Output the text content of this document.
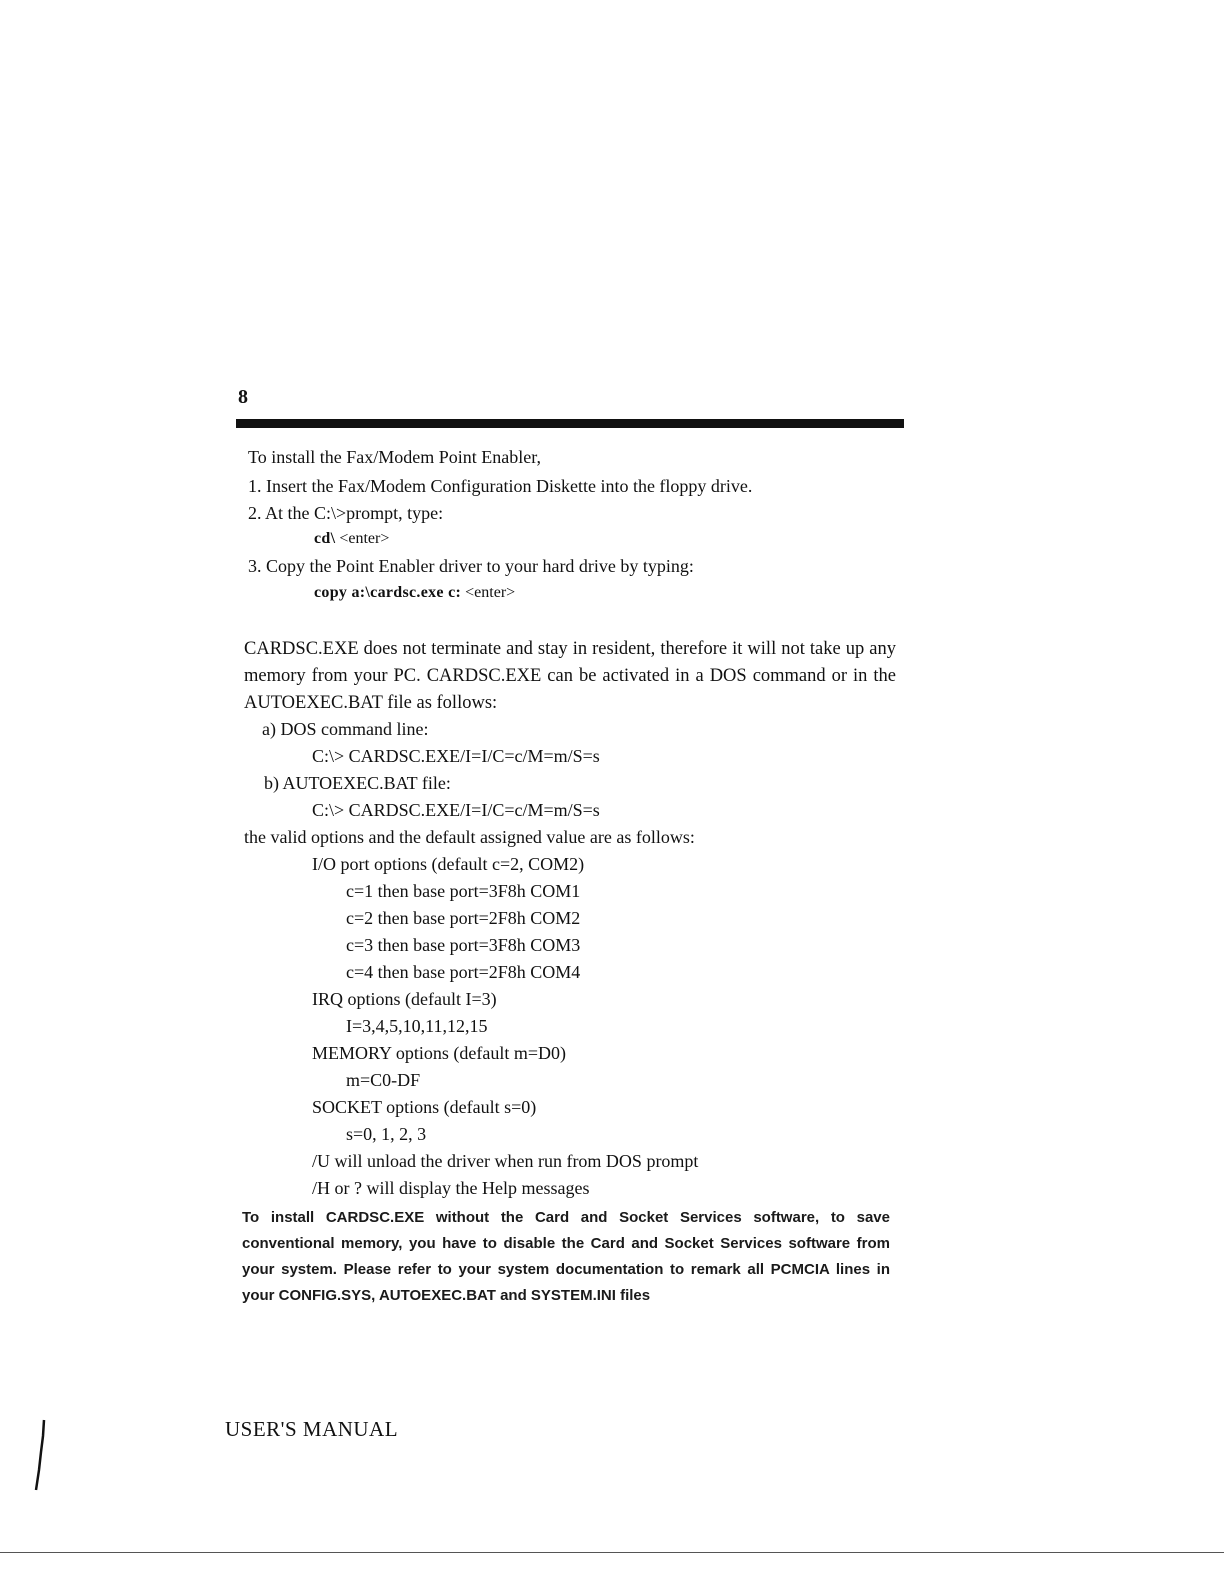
8
To install the Fax/Modem Point Enabler,
1. Insert the Fax/Modem Configuration Diskette into the floppy drive.
2. At the C:\>prompt, type:
cd\ <enter>
3. Copy the Point Enabler driver to your hard drive by typing:
copy a:\cardsc.exe c: <enter>
CARDSC.EXE does not terminate and stay in resident, therefore it will not take up any memory from your PC. CARDSC.EXE can be activated in a DOS command or in the AUTOEXEC.BAT file as follows:
a) DOS command line:
C:\> CARDSC.EXE/I=I/C=c/M=m/S=s
b) AUTOEXEC.BAT file:
C:\> CARDSC.EXE/I=I/C=c/M=m/S=s
the valid options and the default assigned value are as follows:
I/O port options (default c=2, COM2)
c=1 then base port=3F8h COM1
c=2 then base port=2F8h COM2
c=3 then base port=3F8h COM3
c=4 then base port=2F8h COM4
IRQ options (default I=3)
I=3,4,5,10,11,12,15
MEMORY options (default m=D0)
m=C0-DF
SOCKET options (default s=0)
s=0, 1, 2, 3
/U will unload the driver when run from DOS prompt
/H or ? will display the Help messages
To install CARDSC.EXE without the Card and Socket Services software, to save conventional memory, you have to disable the Card and Socket Services software from your system. Please refer to your system documentation to remark all PCMCIA lines in your CONFIG.SYS, AUTOEXEC.BAT and SYSTEM.INI files
USER'S MANUAL
